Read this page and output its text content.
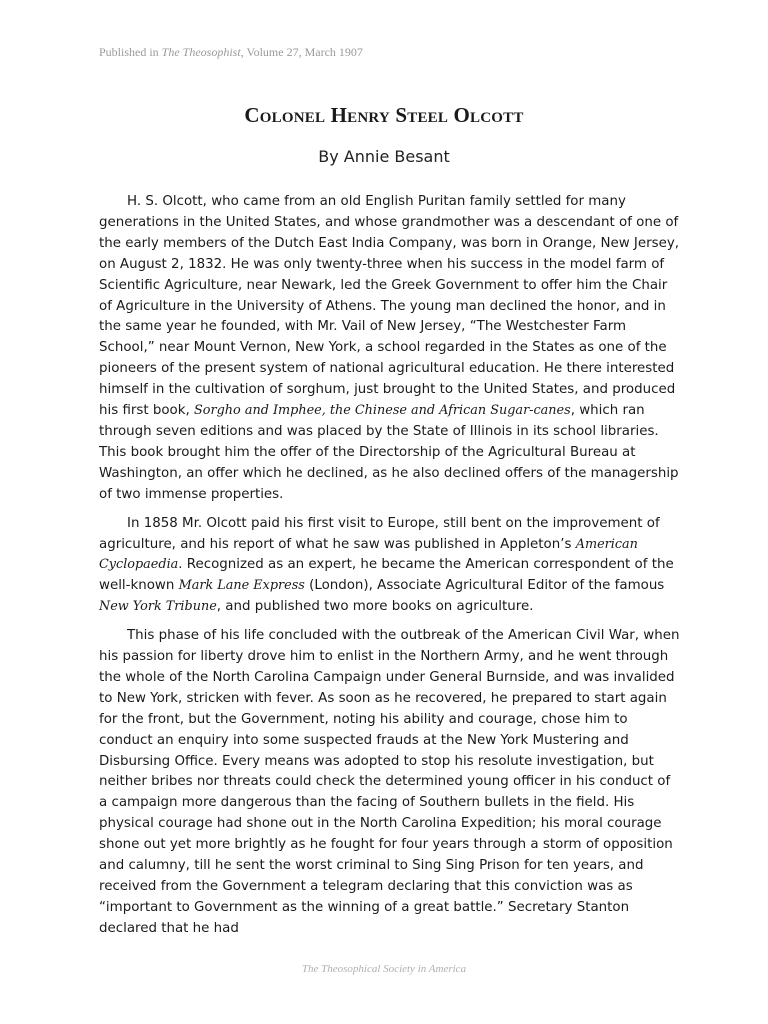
Published in The Theosophist, Volume 27, March 1907
Colonel Henry Steel Olcott
By Annie Besant

H. S. Olcott, who came from an old English Puritan family settled for many generations in the United States, and whose grandmother was a descendant of one of the early members of the Dutch East India Company, was born in Orange, New Jersey, on August 2, 1832. He was only twenty-three when his success in the model farm of Scientific Agriculture, near Newark, led the Greek Government to offer him the Chair of Agriculture in the University of Athens. The young man declined the honor, and in the same year he founded, with Mr. Vail of New Jersey, “The Westchester Farm School,” near Mount Vernon, New York, a school regarded in the States as one of the pioneers of the present system of national agricultural education. He there interested himself in the cultivation of sorghum, just brought to the United States, and produced his first book, Sorgho and Imphee, the Chinese and African Sugar-canes, which ran through seven editions and was placed by the State of Illinois in its school libraries. This book brought him the offer of the Directorship of the Agricultural Bureau at Washington, an offer which he declined, as he also declined offers of the managership of two immense properties.

In 1858 Mr. Olcott paid his first visit to Europe, still bent on the improvement of agriculture, and his report of what he saw was published in Appleton’s American Cyclopaedia. Recognized as an expert, he became the American correspondent of the well-known Mark Lane Express (London), Associate Agricultural Editor of the famous New York Tribune, and published two more books on agriculture.

This phase of his life concluded with the outbreak of the American Civil War, when his passion for liberty drove him to enlist in the Northern Army, and he went through the whole of the North Carolina Campaign under General Burnside, and was invalided to New York, stricken with fever. As soon as he recovered, he prepared to start again for the front, but the Government, noting his ability and courage, chose him to conduct an enquiry into some suspected frauds at the New York Mustering and Disbursing Office. Every means was adopted to stop his resolute investigation, but neither bribes nor threats could check the determined young officer in his conduct of a campaign more dangerous than the facing of Southern bullets in the field. His physical courage had shone out in the North Carolina Expedition; his moral courage shone out yet more brightly as he fought for four years through a storm of opposition and calumny, till he sent the worst criminal to Sing Sing Prison for ten years, and received from the Government a telegram declaring that this conviction was as “important to Government as the winning of a great battle.” Secretary Stanton declared that he had

The Theosophical Society in America
